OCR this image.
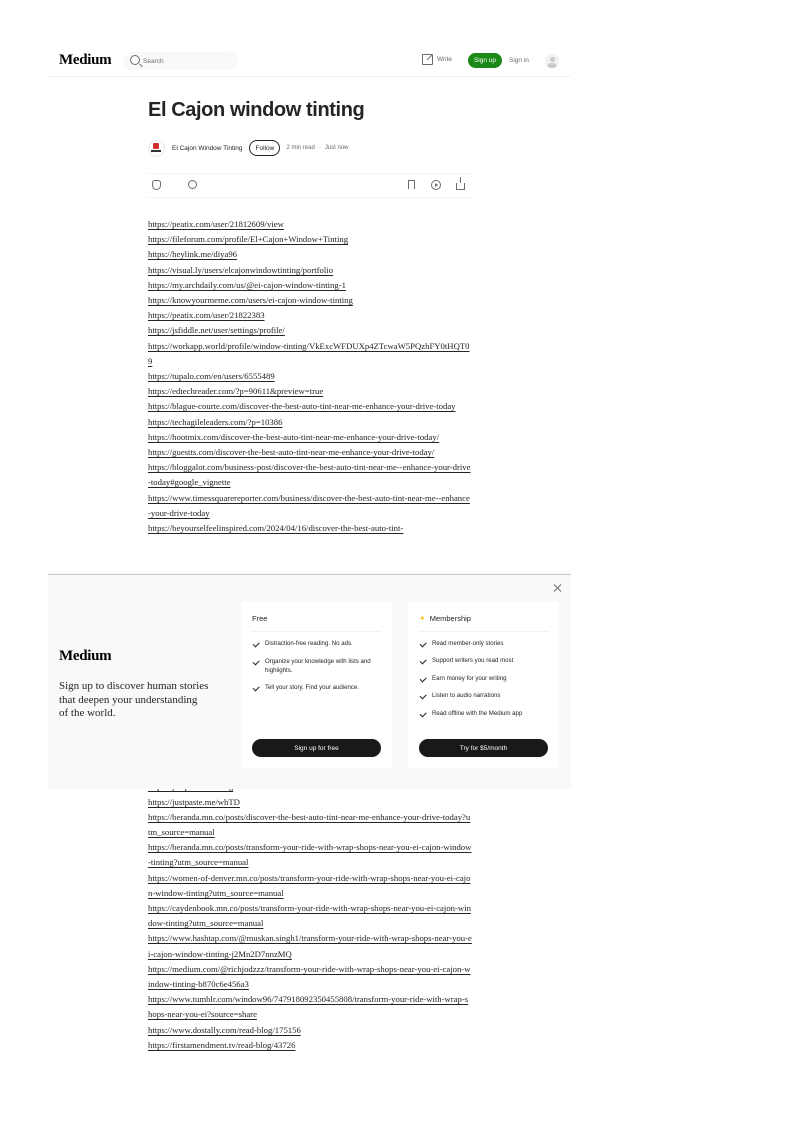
Medium
Search	Write	Sign up	Sign in
El Cajon window tinting
El Cajon Window Tinting	Follow	2 min read · Just now
https://peatix.com/user/21812609/view
https://fileforum.com/profile/El+Cajon+Window+Tinting
https://heylink.me/diya96
https://visual.ly/users/elcajonwindowtinting/portfolio
https://my.archdaily.com/us/@ei-cajon-window-tinting-1
https://knowyourmeme.com/users/ei-cajon-window-tinting
https://peatix.com/user/21822383
https://jsfiddle.net/user/settings/profile/
https://workapp.world/profile/window-tinting/VkExcWFDUXp4ZTcwaW5PQzhFY0tHQT09
https://tupalo.com/en/users/6555489
https://edtechreader.com/?p=90611&preview=true
https://blague-courte.com/discover-the-best-auto-tint-near-me-enhance-your-drive-today
https://techagileleaders.com/?p=10386
https://hootmix.com/discover-the-best-auto-tint-near-me-enhance-your-drive-today/
https://guestts.com/discover-the-best-auto-tint-near-me-enhance-your-drive-today/
https://bloggalot.com/business-post/discover-the-best-auto-tint-near-me--enhance-your-drive-today#google_vignette
https://www.timessquarereporter.com/business/discover-the-best-auto-tint-near-me--enhance-your-drive-today
https://beyourselfeelinspired.com/2024/04/16/discover-the-best-auto-tint-
https://justpaste.me/whTD
https://beranda.mn.co/posts/discover-the-best-auto-tint-near-me-enhance-your-drive-today?utm_source=manual
https://beranda.mn.co/posts/transform-your-ride-with-wrap-shops-near-you-ei-cajon-window-tinting?utm_source=manual
https://women-of-denver.mn.co/posts/transform-your-ride-with-wrap-shops-near-you-ei-cajon-window-tinting?utm_source=manual
https://caydenbook.mn.co/posts/transform-your-ride-with-wrap-shops-near-you-ei-cajon-window-tinting?utm_source=manual
https://www.hashtap.com/@muskan.singh1/transform-your-ride-with-wrap-shops-near-you-ei-cajon-window-tinting-j2Mn2D7nnzMQ
https://medium.com/@richjodzzz/transform-your-ride-with-wrap-shops-near-you-ei-cajon-window-tinting-b870c6e456a3
https://www.tumblr.com/window96/747918092350455808/transform-your-ride-with-wrap-shops-near-you-ei?source=share
https://www.dostally.com/read-blog/175156
https://firstamendment.tv/read-blog/43726
Medium

Sign up to discover human stories that deepen your understanding of the world.

Free
Distraction-free reading. No ads.
Organize your knowledge with lists and highlights.
Tell your story. Find your audience.
Sign up for free
✦ Membership
Read member-only stories
Support writers you read most
Earn money for your writing
Listen to audio narrations
Read offline with the Medium app
Try for $5/month
